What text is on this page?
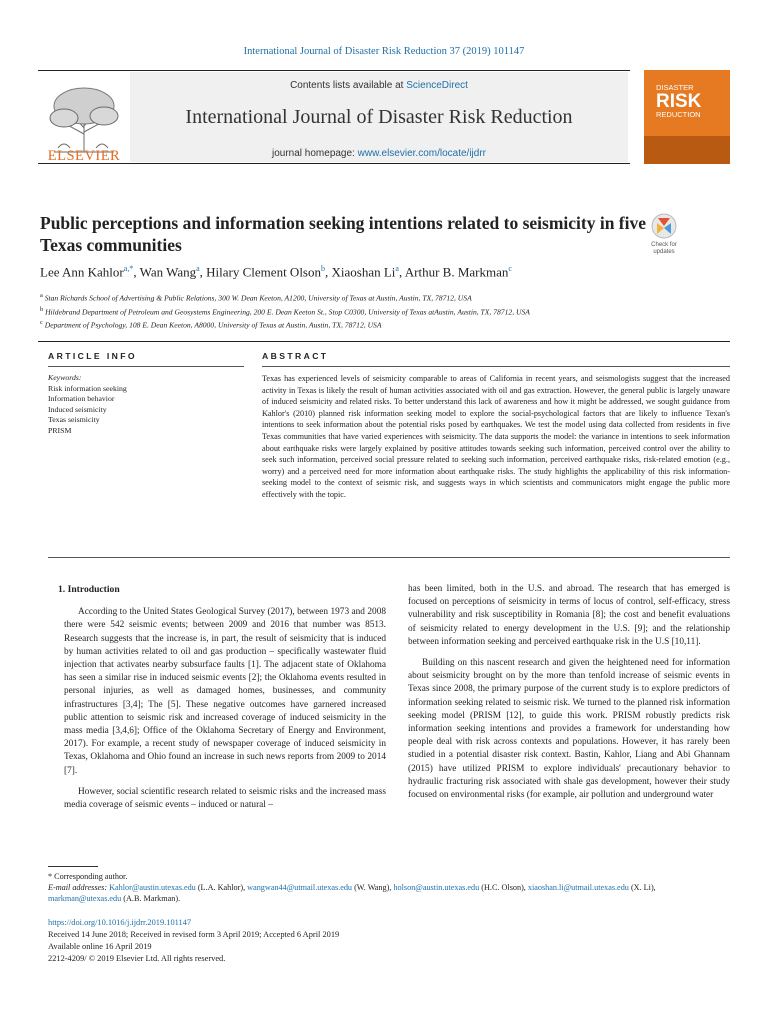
International Journal of Disaster Risk Reduction 37 (2019) 101147
ELSEVIER
Contents lists available at ScienceDirect
International Journal of Disaster Risk Reduction
journal homepage: www.elsevier.com/locate/ijdrr
DISASTER
RISK
REDUCTION
Public perceptions and information seeking intentions related to seismicity in five Texas communities	Check for
updates
Lee Ann Kahlor$^{a,*}$, Wan Wang$^a$, Hilary Clement Olson$^b$, Xiaoshan Li$^a$, Arthur B. Markman$^c$
$^a$ Stan Richards School of Advertising & Public Relations, 300 W. Dean Keeton, A1200, University of Texas at Austin, Austin, TX, 78712, USA
$^b$ Hildebrand Department of Petroleum and Geosystems Engineering, 200 E. Dean Keeton St., Stop C0300, University of Texas atAustin, Austin, TX, 78712, USA
$^c$ Department of Psychology, 108 E. Dean Keeton, A8000, University of Texas at Austin, Austin, TX, 78712, USA
ARTICLE INFO	ABSTRACT
Keywords:
Risk information seeking
Information behavior
Induced seismicity
Texas seismicity
PRISM
Texas has experienced levels of seismicity comparable to areas of California in recent years, and seismologists suggest that the increased activity in Texas is likely the result of human activities associated with oil and gas extraction. However, the general public is largely unaware of induced seismicity and related risks. To better understand this lack of awareness and how it might be addressed, we sought guidance from Kahlor's (2010) planned risk information seeking model to explore the social-psychological factors that are likely to influence Texan's intentions to seek information about the potential risks posed by earthquakes. We test the model using data collected from residents in five Texas communities that have varied experiences with seismicity. The data supports the model: the variance in intentions to seek information about earthquake risks were largely explained by positive attitudes towards seeking such information, perceived control over the ability to seek such information, perceived social pressure related to seeking such information, perceived earthquake risks, risk-related emotion (e.g., worry) and a perceived need for more information about earthquake risks. The study highlights the applicability of this risk information-seeking model to the context of seismic risk, and suggests ways in which scientists and communicators might engage the public more effectively with the topic.
1. Introduction

According to the United States Geological Survey (2017), between 1973 and 2008 there were 542 seismic events; between 2009 and 2016 that number was 8513. Research suggests that the increase is, in part, the result of seismicity that is induced by human activities related to oil and gas production – specifically wastewater fluid injection that activates nearby subsurface faults [1]. The adjacent state of Oklahoma has seen a similar rise in induced seismic events [2]; the Oklahoma events resulted in personal injuries, as well as damaged homes, businesses, and community infrastructures [3,4]; The [5]. These negative outcomes have garnered increased public attention to seismic risk and increased coverage of induced seismicity in the mass media [3,4,6]; Office of the Oklahoma Secretary of Energy and Environment, 2017). For example, a recent study of newspaper coverage of induced seismicity in Texas, Oklahoma and Ohio found an increase in such news reports from 2009 to 2014 [7].

However, social scientific research related to seismic risks and the increased mass media coverage of seismic events – induced or natural –

has been limited, both in the U.S. and abroad. The research that has emerged is focused on perceptions of seismicity in terms of locus of control, self-efficacy, stress vulnerability and risk susceptibility in Romania [8]; the cost and benefit evaluations of seismicity related to energy development in the U.S. [9]; and the relationship between information seeking and perceived earthquake risk in the U.S [10,11].

Building on this nascent research and given the heightened need for information about seismicity brought on by the more than tenfold increase of seismic events in Texas since 2008, the primary purpose of the current study is to explore predictors of information seeking related to seismic risk. We turned to the planned risk information seeking model (PRISM [12], to guide this work. PRISM robustly predicts risk information seeking intentions and provides a framework for understanding how people deal with risk across contexts and populations. However, it has rarely been studied in a potential disaster risk context. Bastin, Kahlor, Liang and Abi Ghannam (2015) have utilized PRISM to explore individuals' precautionary behavior to hydraulic fracturing risk associated with shale gas development, however their study focused on environmental risks (for example, air pollution and underground water

* Corresponding author.
E-mail addresses: Kahlor@austin.utexas.edu (L.A. Kahlor), wangwan44@utmail.utexas.edu (W. Wang), holson@austin.utexas.edu (H.C. Olson), xiaoshan.li@utmail.utexas.edu (X. Li), markman@utexas.edu (A.B. Markman).
https://doi.org/10.1016/j.ijdrr.2019.101147
Received 14 June 2018; Received in revised form 3 April 2019; Accepted 6 April 2019
Available online 16 April 2019
2212-4209/ © 2019 Elsevier Ltd. All rights reserved.
